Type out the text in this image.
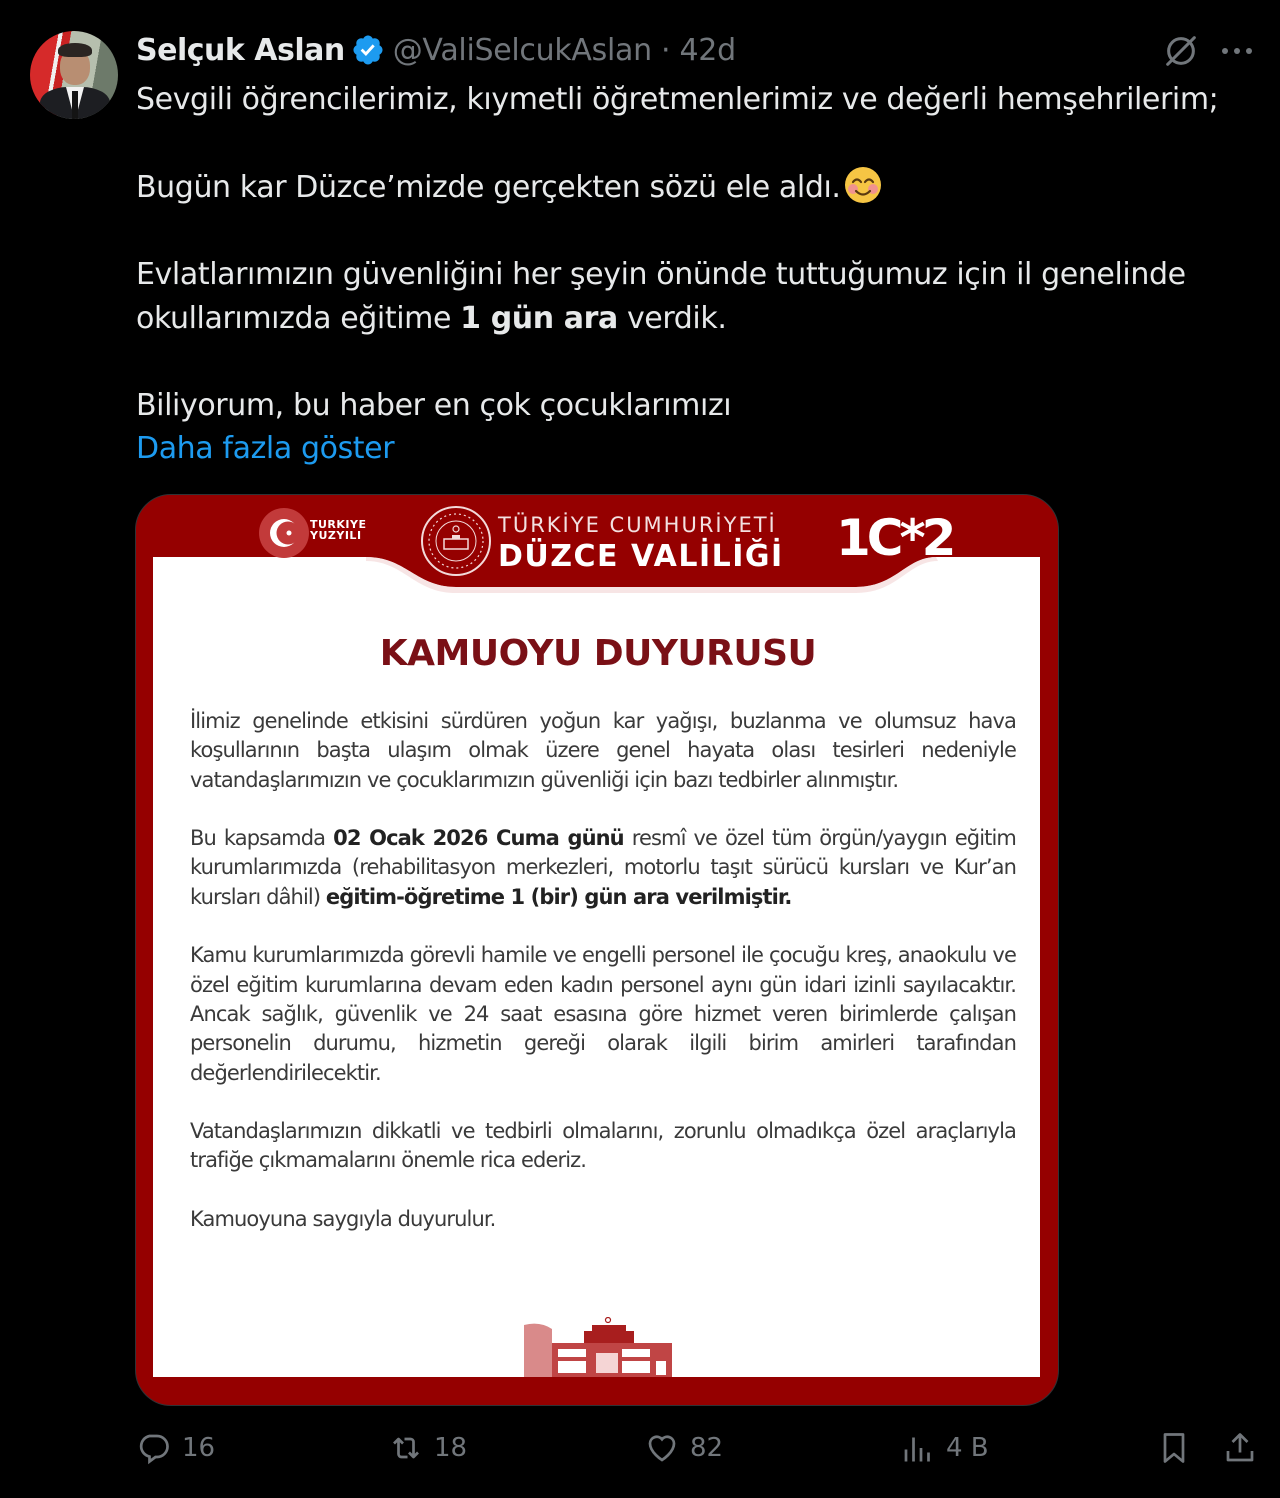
Selçuk Aslan @ValiSelcukAslan · 42d

Sevgili öğrencilerimiz, kıymetli öğretmenlerimiz ve değerli hemşehrilerim;

Bugün kar Düzce’mizde gerçekten sözü ele aldı.

Evlatlarımızın güvenliğini her şeyin önünde tuttuğumuz için il genelinde

okullarımızda eğitime 1 gün ara verdik.

Biliyorum, bu haber en çok çocuklarımızı

Daha fazla göster

TURKIYE
YUZYILI	TÜRKİYE CUMHURİYETİ
DÜZCE VALİLİĞİ 1C*2
KAMUOYU DUYURUSU

İlimiz genelinde etkisini sürdüren yoğun kar yağışı, buzlanma ve olumsuz hava koşullarının başta ulaşım olmak üzere genel hayata olası tesirleri nedeniyle vatandaşlarımızın ve çocuklarımızın güvenliği için bazı tedbirler alınmıştır.

Bu kapsamda 02 Ocak 2026 Cuma günü resmî ve özel tüm örgün/yaygın eğitim kurumlarımızda (rehabilitasyon merkezleri, motorlu taşıt sürücü kursları ve Kur’an kursları dâhil) eğitim-öğretime 1 (bir) gün ara verilmiştir.

Kamu kurumlarımızda görevli hamile ve engelli personel ile çocuğu kreş, anaokulu ve özel eğitim kurumlarına devam eden kadın personel aynı gün idari izinli sayılacaktır. Ancak sağlık, güvenlik ve 24 saat esasına göre hizmet veren birimlerde çalışan personelin durumu, hizmetin gereği olarak ilgili birim amirleri tarafından değerlendirilecektir.

Vatandaşlarımızın dikkatli ve tedbirli olmalarını, zorunlu olmadıkça özel araçlarıyla trafiğe çıkmamalarını önemle rica ederiz.

Kamuoyuna saygıyla duyurulur.

16	18	82	4 B
